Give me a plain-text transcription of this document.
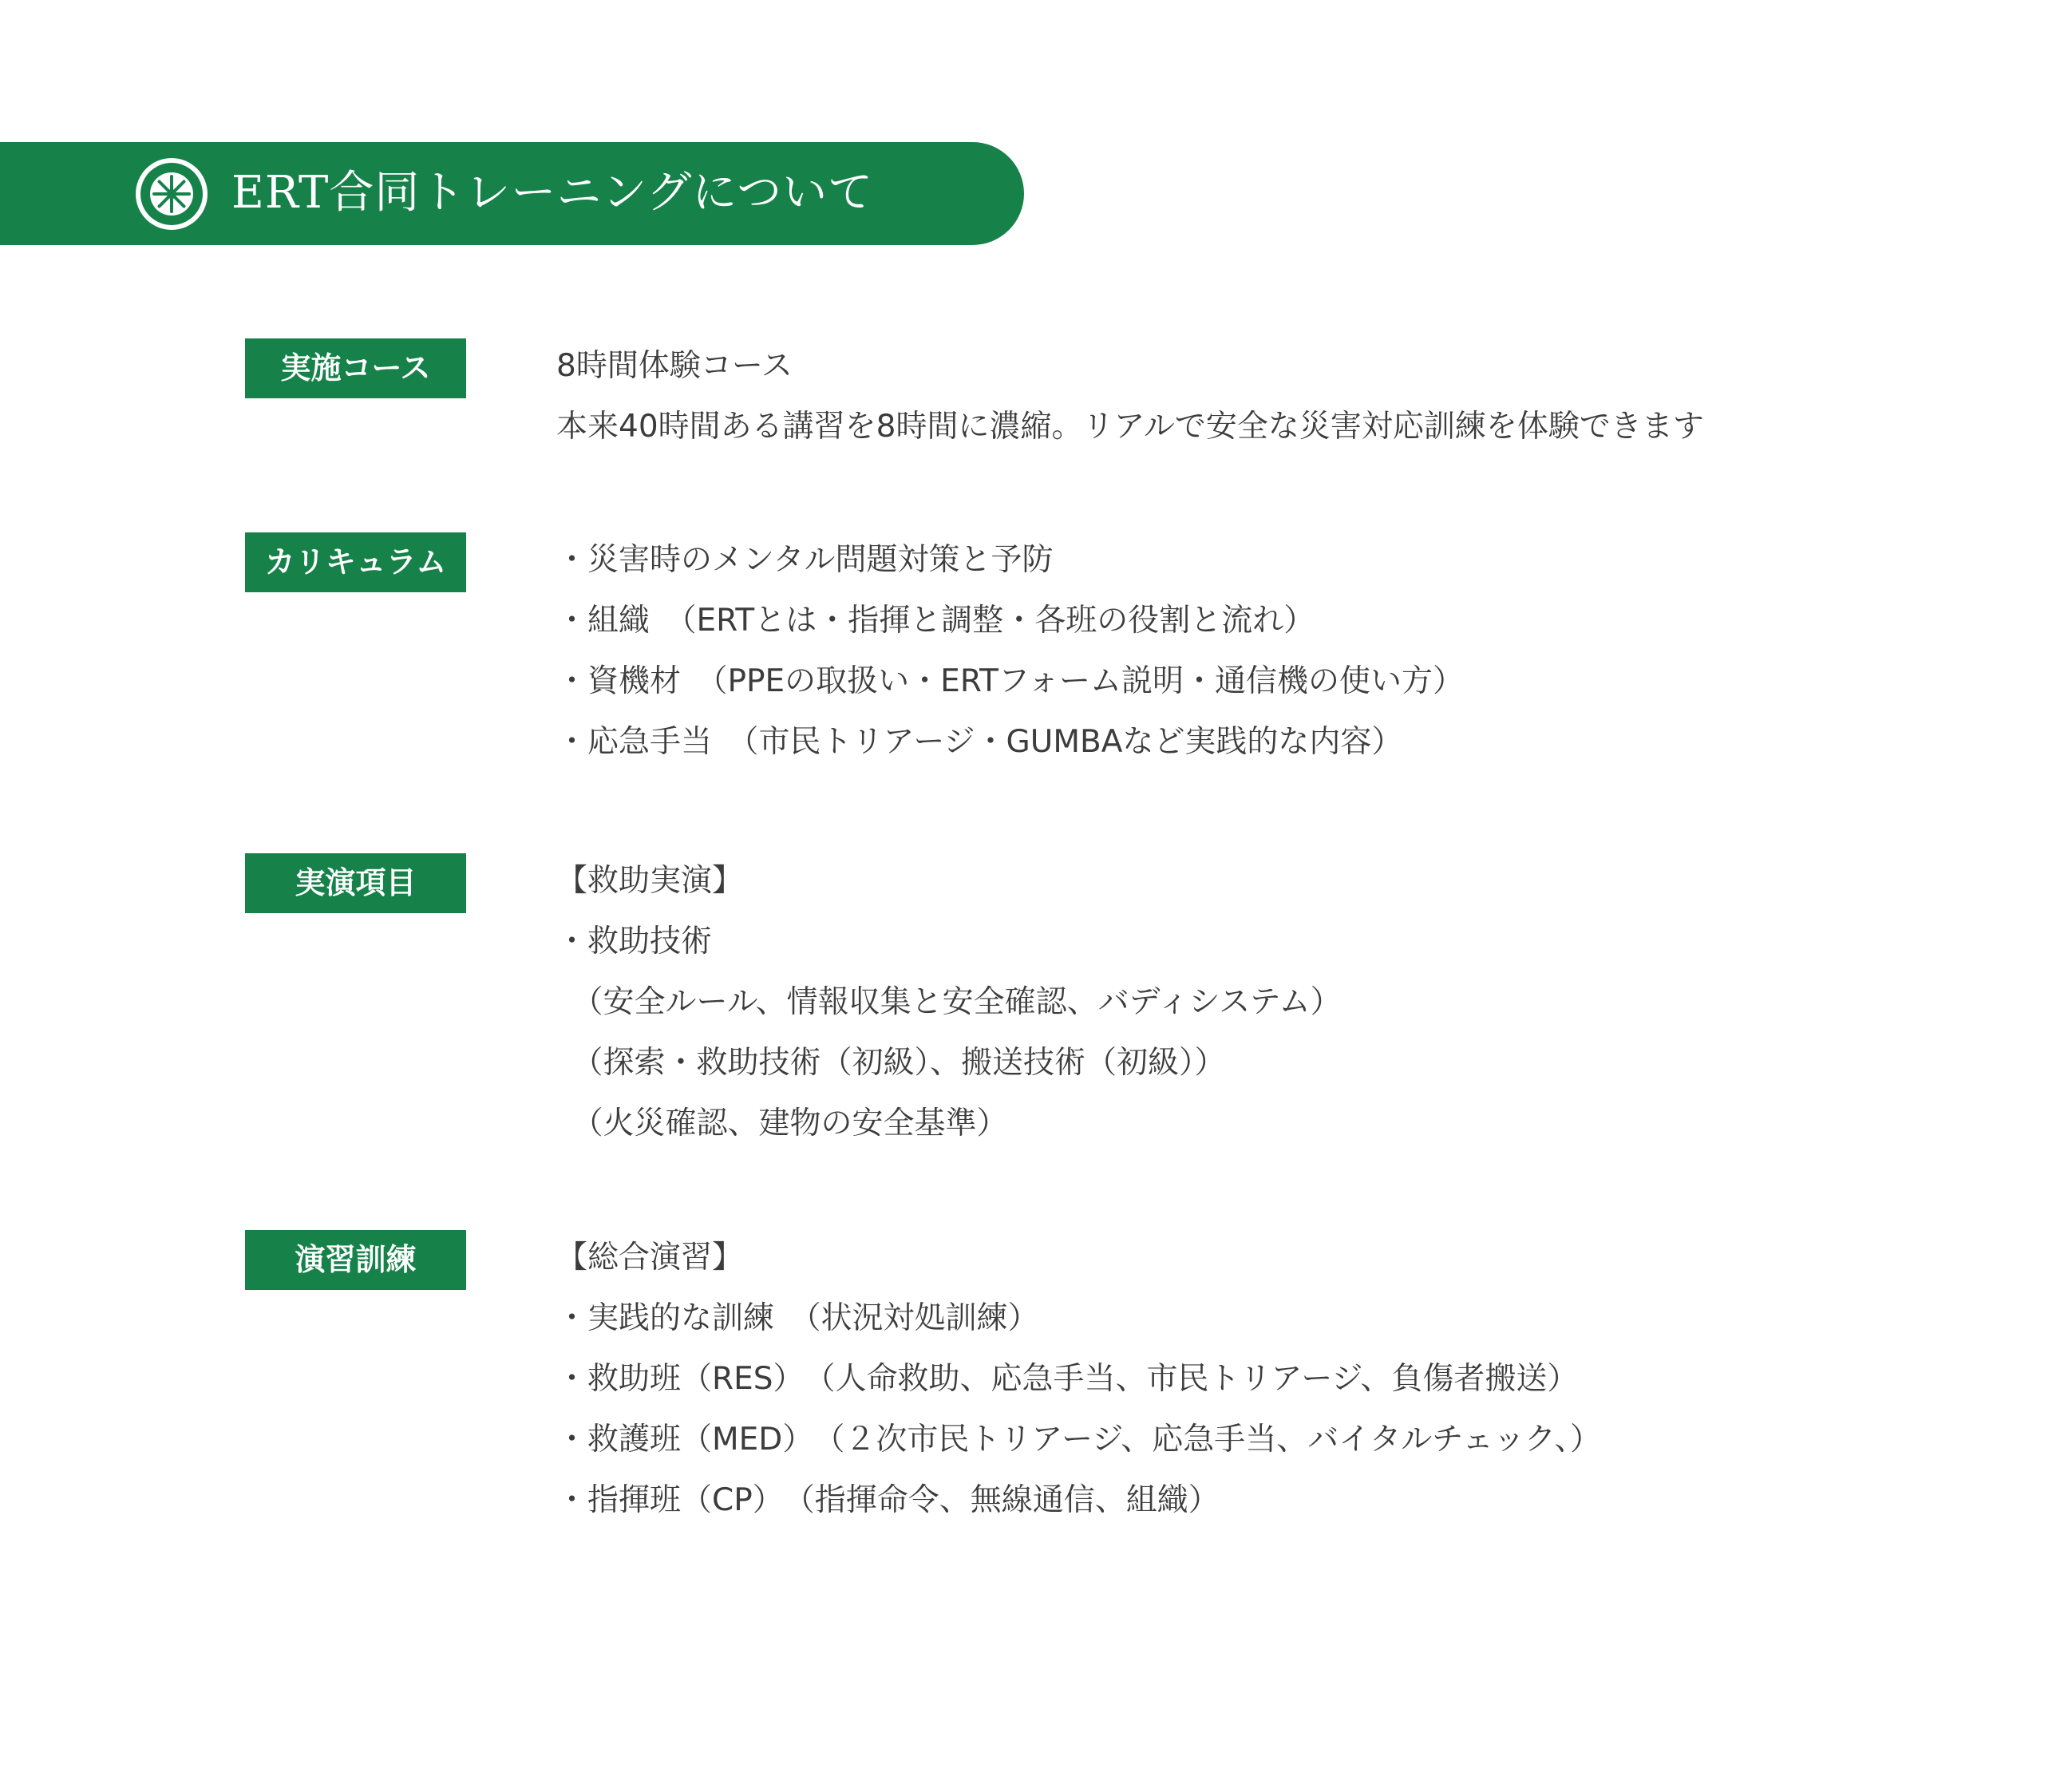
ERT合同トレーニングについて
実施コース	8時間体験コース
本来40時間ある講習を8時間に濃縮。リアルで安全な災害対応訓練を体験できます
カリキュラム	・災害時のメンタル問題対策と予防
・組織　（ERTとは・指揮と調整・各班の役割と流れ）
・資機材　（PPEの取扱い・ERTフォーム説明・通信機の使い方）
・応急手当　（市民トリアージ・GUMBAなど実践的な内容）
実演項目	【救助実演】
・救助技術
　（安全ルール、情報収集と安全確認、バディシステム）
　（探索・救助技術（初級）、搬送技術（初級））
　（火災確認、建物の安全基準）
演習訓練	【総合演習】
・実践的な訓練　（状況対処訓練）
・救助班（RES）　（人命救助、応急手当、市民トリアージ、負傷者搬送）
・救護班（MED）　（２次市民トリアージ、応急手当、バイタルチェック、）
・指揮班（CP）　（指揮命令、無線通信、組織）
